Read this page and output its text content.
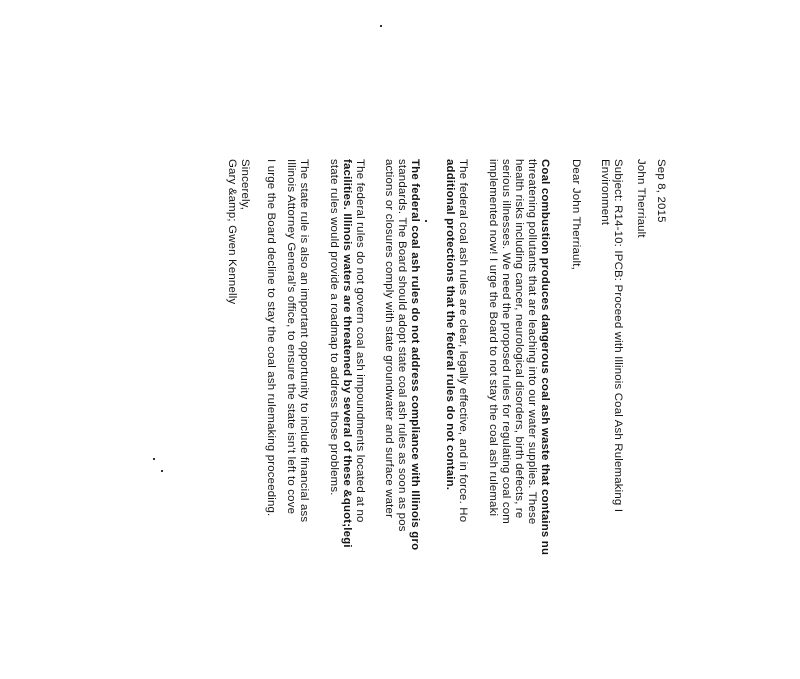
Sep 8, 2015
John Therriault
Subject: R14-10: IPCB: Proceed with Illinois Coal Ash Rulemaking I
Environment
Dear John Therriault,
Coal combustion produces dangerous coal ash waste that contains nu
threatening pollutants that are leaching into our water supplies. These
health risks including cancer, neurological disorders, birth defects, re
serious illnesses. We need the proposed rules for regulating coal com
implemented now! I urge the Board to not stay the coal ash rulemaki
The federal coal ash rules are clear, legally effective, and in force. Ho
additional protections that the federal rules do not contain.
The federal coal ash rules do not address compliance with Illinois gro
standards. The Board should adopt state coal ash rules as soon as pos
actions or closures comply with state groundwater and surface water
The federal rules do not govern coal ash impoundments located at no
facilities. Illinois waters are threatened by several of these &quot;legi
state rules would provide a roadmap to address those problems.
The state rule is also an important opportunity to include financial ass
Illinois Attorney General's office, to ensure the state isn't left to cove
I urge the Board decline to stay the coal ash rulemaking proceeding.
Sincerely,
Gary &amp; Gwen Kennelly
